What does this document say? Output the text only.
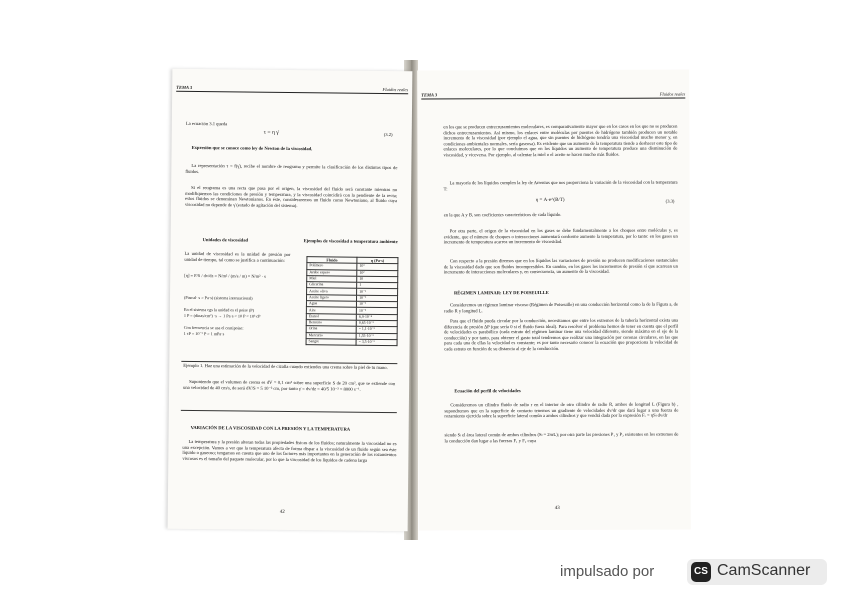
TEMA 3	Fluidos reales
La ecuación 3.1 queda
τ = η γ̇	(3.2)
Expresión que se conoce como ley de Newton de la viscosidad.
La representación τ = f(γ̇), recibe el nombre de reograma y permite la clasificación de los distintos tipos de fluidos.
Si el reograma es una recta que pasa por el origen, la viscosidad del fluido será constante mientras no modifiquemos las condiciones de presión y temperatura, y la viscosidad coincidirá con la pendiente de la recta; estos fluidos se denominan Newtonianos. En éste, consideraremos un fluido como Newtoniano, al fluido cuya viscosidad no depende de γ̇ (estado de agitación del sistema).
Unidades de viscosidad
La unidad de viscosidad es la unidad de presión por unidad de tiempo, tal como se justifica a continuación:
[η] = F/S / dv/dz = N/m² / (m/s / m) = N/m² · s
(Pascal· s = Pa·s) (sistema internacional)
En el sistema cgs la unidad es el poise (P)
1 P = (dinas/cm²) ·s → 1 Pa·s = 10 P = 10³ cP
Con frecuencia se usa el centipoise:
1 cP = 10⁻² P = 1 mPa·s
Ejemplos de viscosidad a temperatura ambiente
Fluido	η (Pa·s)
Polímero	10³
Jarabe espeso	10²
Miel	10
Glicerina	1
Aceite oliva	10⁻¹
Aceite ligero	10⁻²
Agua	10⁻³
Aire	10⁻⁵
Etanol	6,9·10⁻⁴
Benceno	0,65·10⁻³
Orina	~ 1,1·10⁻³
Mercurio	1,55·10⁻³
Sangre	~ 3,5·10⁻³
Ejemplo 1. Haz una estimación de la velocidad de cizalla cuando extiendes una crema sobre la piel de tu mano.
Suponiendo que el volumen de crema es dV = 0,1 cm³ sobre una superficie S de 20 cm², que se extiende con una velocidad de 40 cm/s, de será dV/S = 5 10⁻³ cm, por tanto γ̇ = dv/dz = 40/5 10⁻³ = 8000 s⁻¹.
VARIACIÓN DE LA VISCOSIDAD CON LA PRESIÓN Y LA TEMPERATURA
La temperatura y la presión alteran todas las propiedades físicas de los fluidos; naturalmente la viscosidad no es una excepción. Vamos a ver que la temperatura afecta de forma dispar a la viscosidad de un fluido según sea éste líquido o gaseoso; tengamos en cuenta que uno de los factores más importantes en la generación de los rozamientos viscosos es el tamaño del paquete molecular, por lo que la viscosidad de los líquidos de cadena larga
42
TEMA 3	Fluidos reales
en los que se producen entrecruzamientos moleculares, es comparativamente mayor que en los casos en los que no se producen dichos entrecruzamientos. Así mismo, los enlaces entre moléculas por puentes de hidrógeno también producen un notable incremento de la viscosidad (por ejemplo el agua, que sin puentes de hidrógeno tendría una viscosidad mucho menor y, en condiciones ambientales normales, sería gaseosa). Es evidente que un aumento de la temperatura tiende a deshacer este tipo de enlaces moleculares, por lo que concluimos que en los líquidos un aumento de temperatura produce una disminución de viscosidad, y viceversa. Por ejemplo, al calentar la miel o el aceite se hacen mucho más fluidos.
La mayoría de los líquidos cumplen la ley de Arrenius que nos proporciona la variación de la viscosidad con la temperatura T:
η = A·e^(B/T)	(3.3)
en la que A y B, son coeficientes característicos de cada líquido.
Por otra parte, el origen de la viscosidad en los gases se debe fundamentalmente a los choques entre moléculas y, es evidente, que el número de choques o interacciones aumentará conforme aumente la temperatura, por lo tanto: en los gases un incremento de temperatura acarrea un incremento de viscosidad.
Con respecto a la presión diremos que en los líquidos las variaciones de presión no producen modificaciones sustanciales de la viscosidad dado que son fluidos incompresibles. En cambio, en los gases los incrementos de presión sí que acarrean un incremento de interacciones moleculares y, en consecuencia, un aumento de la viscosidad.
RÉGIMEN LAMINAR: LEY DE POISEUILLE
Consideremos un régimen laminar viscoso (Régimen de Poiseuille) en una conducción horizontal como la de la Figura a, de radio R y longitud L.
Para que el fluido pueda circular por la conducción, necesitamos que entre los extremos de la tubería horizontal exista una diferencia de presión ΔP (que sería 0 si el fluido fuera ideal). Para resolver el problema hemos de tener en cuenta que el perfil de velocidades es parabólico (cada estrato del régimen laminar tiene una velocidad diferente, siendo máxima en el eje de la conducción) y por tanto, para obtener el gasto total tendremos que realizar una integración por coronas circulares, en las que para cada una de ellas la velocidad es constante; es por tanto necesario conocer la ecuación que proporciona la velocidad de cada estrato en función de su distancia al eje de la conducción.
Ecuación del perfil de velocidades
Consideremos un cilindro fluido de radio r en el interior de otro cilindro de radio R, ambos de longitud L (Figura b) , supondremos que en la superficie de contacto tenemos un gradiente de velocidades dv/dr que dará lugar a una fuerza de rozamiento ejercida sobre la superficie lateral común a ambos cilindros y que vendrá dada por la expresión Fᵥ = ηSₗ dv/dr
siendo Sₗ el área lateral común de ambos cilindros (Sₗ = 2πrL); por otra parte las presiones P₁ y P₂ existentes en los extremos de la conducción dan lugar a las fuerzas F₁ y F₂ cuya
43
impulsado por	CS CamScanner
